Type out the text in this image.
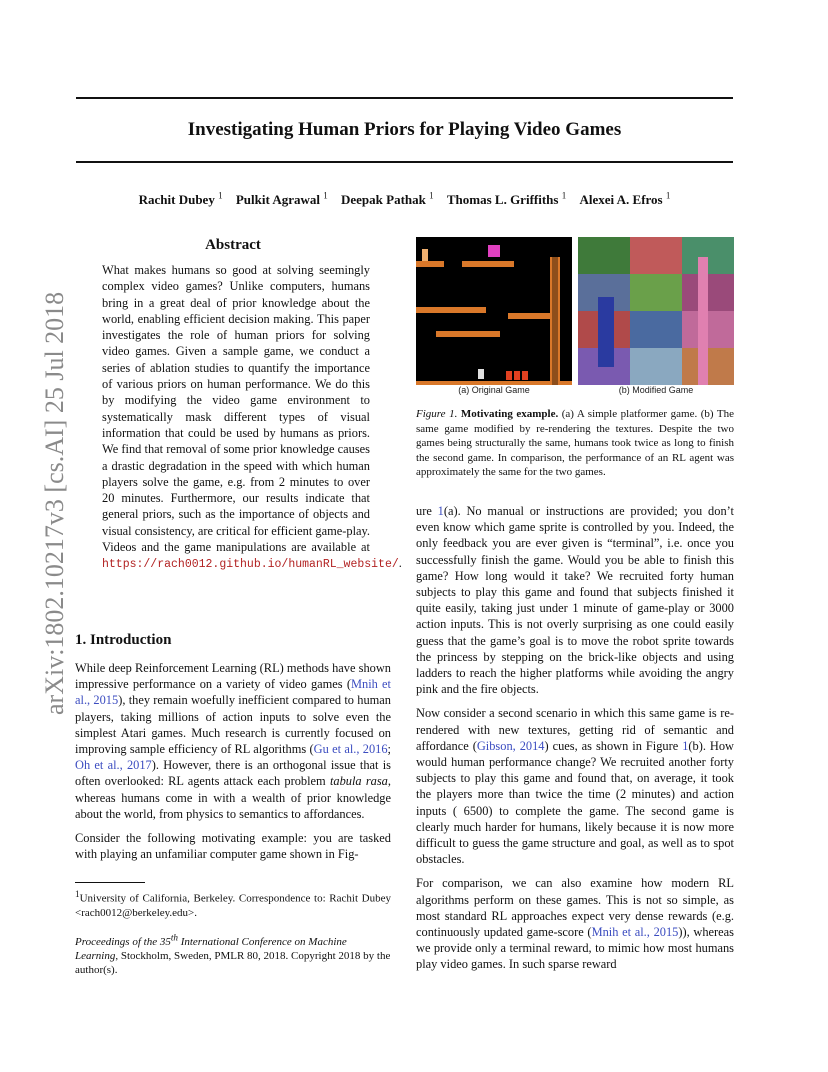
Investigating Human Priors for Playing Video Games
Rachit Dubey $^1$ Pulkit Agrawal $^1$ Deepak Pathak $^1$ Thomas L. Griffiths $^1$ Alexei A. Efros $^1$
arXiv:1802.10217v3 [cs.AI] 25 Jul 2018
Abstract
What makes humans so good at solving seemingly complex video games? Unlike computers, humans bring in a great deal of prior knowledge about the world, enabling efficient decision making. This paper investigates the role of human priors for solving video games. Given a sample game, we conduct a series of ablation studies to quantify the importance of various priors on human performance. We do this by modifying the video game environment to systematically mask different types of visual information that could be used by humans as priors. We find that removal of some prior knowledge causes a drastic degradation in the speed with which human players solve the game, e.g. from 2 minutes to over 20 minutes. Furthermore, our results indicate that general priors, such as the importance of objects and visual consistency, are critical for efficient game-play. Videos and the game manipulations are available at https://rach0012.github.io/humanRL_website/.
1. Introduction

While deep Reinforcement Learning (RL) methods have shown impressive performance on a variety of video games (Mnih et al., 2015), they remain woefully inefficient compared to human players, taking millions of action inputs to solve even the simplest Atari games. Much research is currently focused on improving sample efficiency of RL algorithms (Gu et al., 2016; Oh et al., 2017). However, there is an orthogonal issue that is often overlooked: RL agents attack each problem tabula rasa, whereas humans come in with a wealth of prior knowledge about the world, from physics to semantics to affordances.

Consider the following motivating example: you are tasked with playing an unfamiliar computer game shown in Fig-

$^1$University of California, Berkeley. Correspondence to: Rachit Dubey <rach0012@berkeley.edu>.
Proceedings of the 35th International Conference on Machine Learning, Stockholm, Sweden, PMLR 80, 2018. Copyright 2018 by the author(s).
(a) Original Game	(b) Modified Game
Figure 1. Motivating example. (a) A simple platformer game. (b) The same game modified by re-rendering the textures. Despite the two games being structurally the same, humans took twice as long to finish the second game. In comparison, the performance of an RL agent was approximately the same for the two games.

ure 1(a). No manual or instructions are provided; you don’t even know which game sprite is controlled by you. Indeed, the only feedback you are ever given is “terminal”, i.e. once you successfully finish the game. Would you be able to finish this game? How long would it take? We recruited forty human subjects to play this game and found that subjects finished it quite easily, taking just under 1 minute of game-play or 3000 action inputs. This is not overly surprising as one could easily guess that the game’s goal is to move the robot sprite towards the princess by stepping on the brick-like objects and using ladders to reach the higher platforms while avoiding the angry pink and the fire objects.

Now consider a second scenario in which this same game is re-rendered with new textures, getting rid of semantic and affordance (Gibson, 2014) cues, as shown in Figure 1(b). How would human performance change? We recruited another forty subjects to play this game and found that, on average, it took the players more than twice the time (2 minutes) and action inputs ( 6500) to complete the game. The second game is clearly much harder for humans, likely because it is now more difficult to guess the game structure and goal, as well as to spot obstacles.

For comparison, we can also examine how modern RL algorithms perform on these games. This is not so simple, as most standard RL approaches expect very dense rewards (e.g. continuously updated game-score (Mnih et al., 2015)), whereas we provide only a terminal reward, to mimic how most humans play video games. In such sparse reward
